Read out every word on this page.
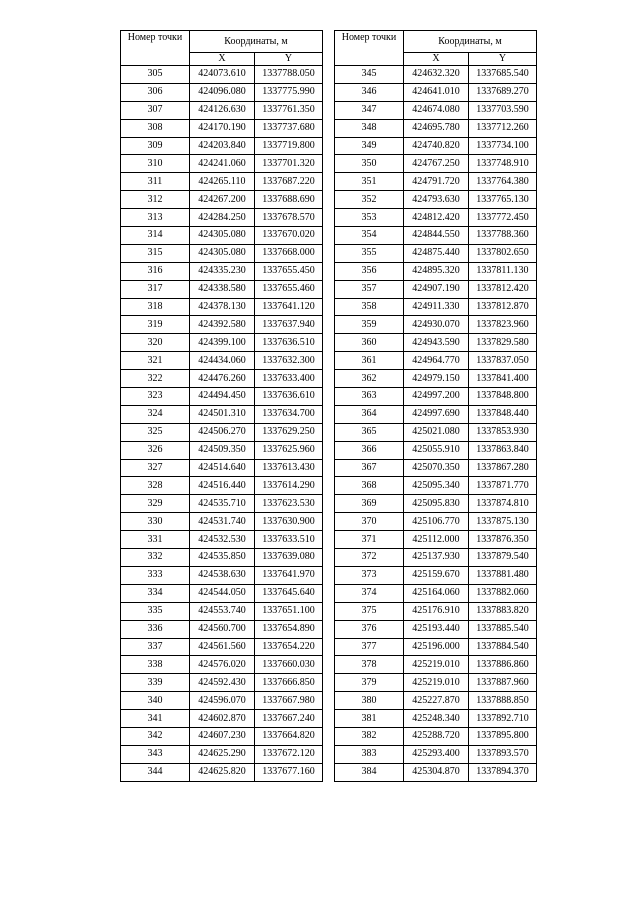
Номер точки	Координаты, м	
	X	Y
305	424073.610	1337788.050
306	424096.080	1337775.990
307	424126.630	1337761.350
308	424170.190	1337737.680
309	424203.840	1337719.800
310	424241.060	1337701.320
311	424265.110	1337687.220
312	424267.200	1337688.690
313	424284.250	1337678.570
314	424305.080	1337670.020
315	424305.080	1337668.000
316	424335.230	1337655.450
317	424338.580	1337655.460
318	424378.130	1337641.120
319	424392.580	1337637.940
320	424399.100	1337636.510
321	424434.060	1337632.300
322	424476.260	1337633.400
323	424494.450	1337636.610
324	424501.310	1337634.700
325	424506.270	1337629.250
326	424509.350	1337625.960
327	424514.640	1337613.430
328	424516.440	1337614.290
329	424535.710	1337623.530
330	424531.740	1337630.900
331	424532.530	1337633.510
332	424535.850	1337639.080
333	424538.630	1337641.970
334	424544.050	1337645.640
335	424553.740	1337651.100
336	424560.700	1337654.890
337	424561.560	1337654.220
338	424576.020	1337660.030
339	424592.430	1337666.850
340	424596.070	1337667.980
341	424602.870	1337667.240
342	424607.230	1337664.820
343	424625.290	1337672.120
344	424625.820	1337677.160
Номер точки	Координаты, м	
	X	Y
345	424632.320	1337685.540
346	424641.010	1337689.270
347	424674.080	1337703.590
348	424695.780	1337712.260
349	424740.820	1337734.100
350	424767.250	1337748.910
351	424791.720	1337764.380
352	424793.630	1337765.130
353	424812.420	1337772.450
354	424844.550	1337788.360
355	424875.440	1337802.650
356	424895.320	1337811.130
357	424907.190	1337812.420
358	424911.330	1337812.870
359	424930.070	1337823.960
360	424943.590	1337829.580
361	424964.770	1337837.050
362	424979.150	1337841.400
363	424997.200	1337848.800
364	424997.690	1337848.440
365	425021.080	1337853.930
366	425055.910	1337863.840
367	425070.350	1337867.280
368	425095.340	1337871.770
369	425095.830	1337874.810
370	425106.770	1337875.130
371	425112.000	1337876.350
372	425137.930	1337879.540
373	425159.670	1337881.480
374	425164.060	1337882.060
375	425176.910	1337883.820
376	425193.440	1337885.540
377	425196.000	1337884.540
378	425219.010	1337886.860
379	425219.010	1337887.960
380	425227.870	1337888.850
381	425248.340	1337892.710
382	425288.720	1337895.800
383	425293.400	1337893.570
384	425304.870	1337894.370
